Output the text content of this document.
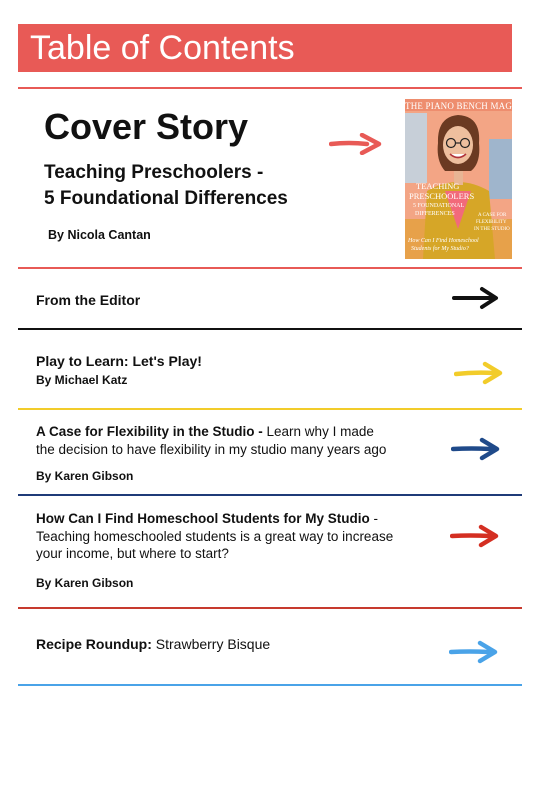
Table of Contents
Cover Story
Teaching Preschoolers -
5 Foundational Differences
By Nicola Cantan
THE PIANO BENCH MAG
TEACHING
PRESCHOOLERS
5 FOUNDATIONAL
DIFFERENCES	A CASE FOR
FLEXIBILITY
IN THE STUDIO
How Can I Find Homeschool
Students for My Studio?
From the Editor
Play to Learn: Let's Play!
By Michael Katz
A Case for Flexibility in the Studio - Learn why I made
the decision to have flexibility in my studio many years ago
By Karen Gibson
How Can I Find Homeschool Students for My Studio -
Teaching homeschooled students is a great way to increase
your income, but where to start?
By Karen Gibson
Recipe Roundup: Strawberry Bisque
